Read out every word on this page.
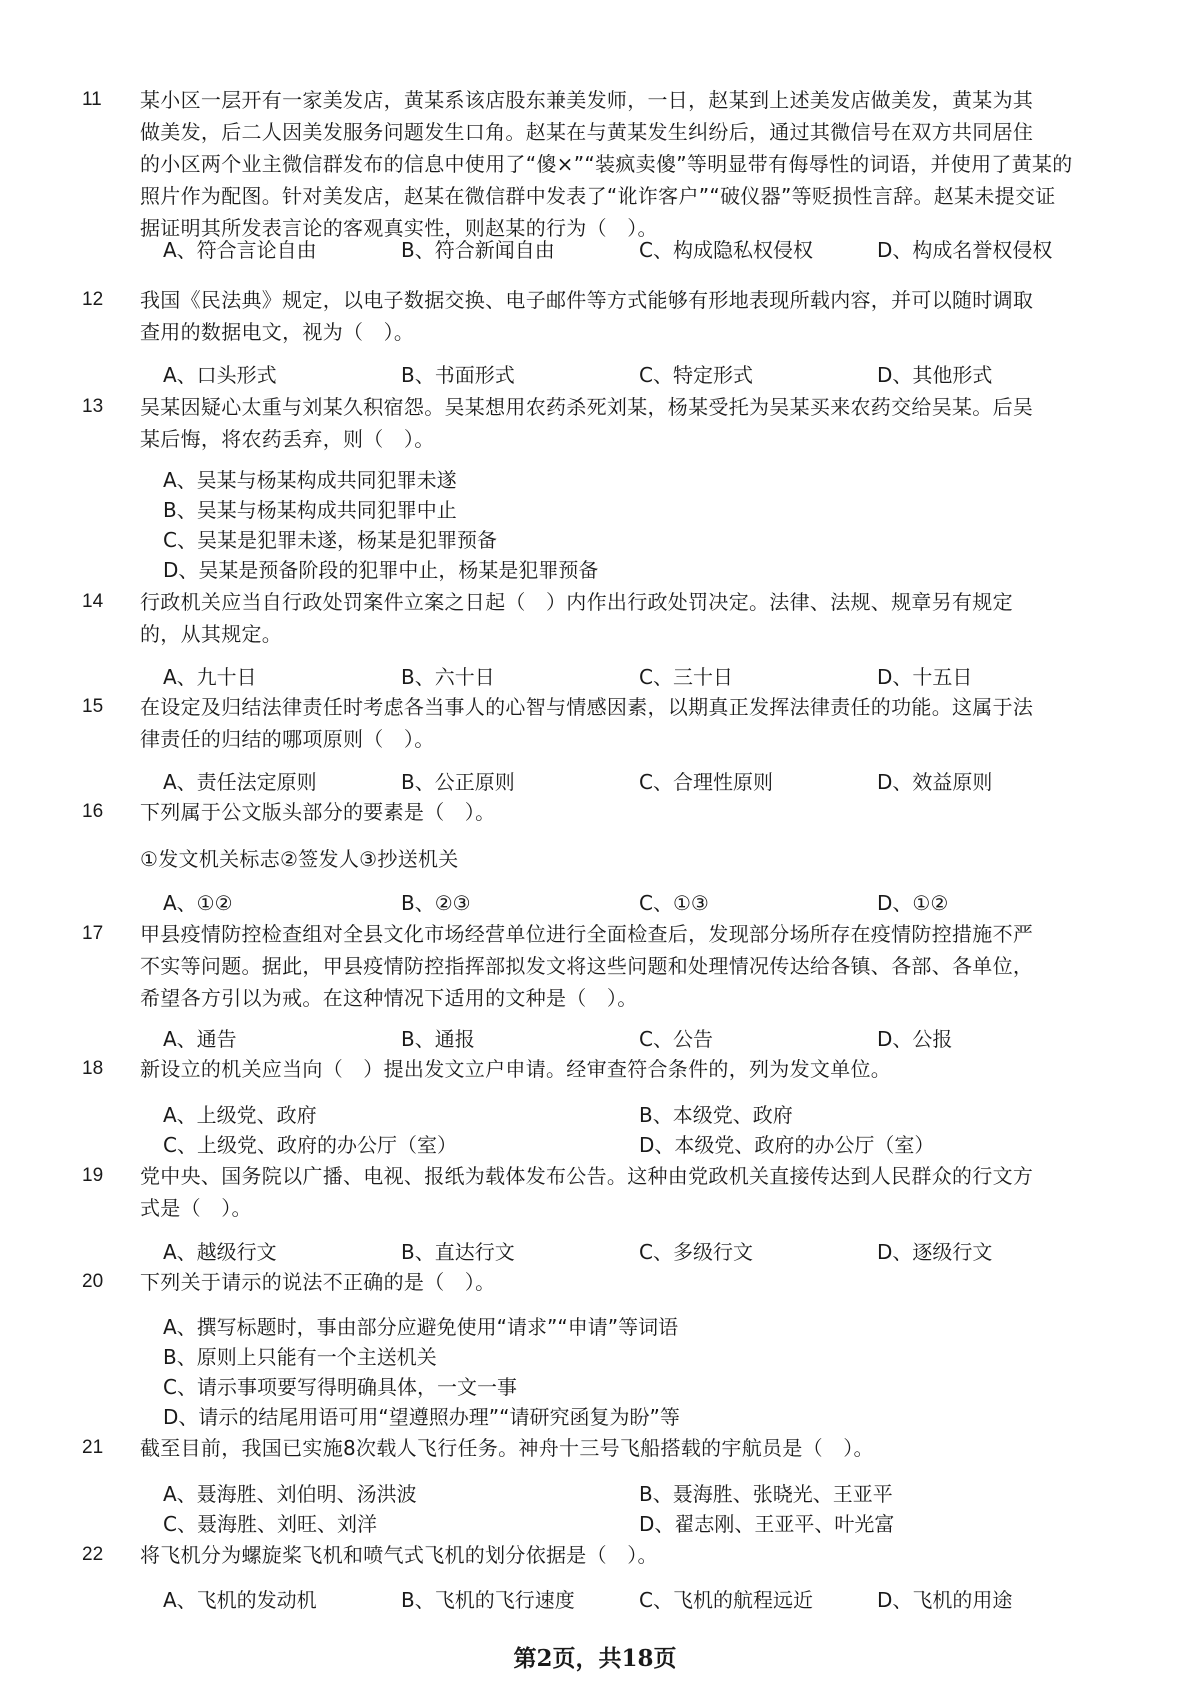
11 某小区一层开有一家美发店，黄某系该店股东兼美发师，一日，赵某到上述美发店做美发，黄某为其
做美发，后二人因美发服务问题发生口角。赵某在与黄某发生纠纷后，通过其微信号在双方共同居住
的小区两个业主微信群发布的信息中使用了“傻×”“装疯卖傻”等明显带有侮辱性的词语，并使用了黄某的
照片作为配图。针对美发店，赵某在微信群中发表了“讹诈客户”“破仪器”等贬损性言辞。赵某未提交证
据证明其所发表言论的客观真实性，则赵某的行为（　）。
A、符合言论自由	B、符合新闻自由	C、构成隐私权侵权	D、构成名誉权侵权
12 我国《民法典》规定，以电子数据交换、电子邮件等方式能够有形地表现所载内容，并可以随时调取
查用的数据电文，视为（　）。
A、口头形式	B、书面形式	C、特定形式	D、其他形式
13 吴某因疑心太重与刘某久积宿怨。吴某想用农药杀死刘某，杨某受托为吴某买来农药交给吴某。后吴
某后悔，将农药丢弃，则（　）。
A、吴某与杨某构成共同犯罪未遂
B、吴某与杨某构成共同犯罪中止
C、吴某是犯罪未遂，杨某是犯罪预备
D、吴某是预备阶段的犯罪中止，杨某是犯罪预备
14 行政机关应当自行政处罚案件立案之日起（　）内作出行政处罚决定。法律、法规、规章另有规定
的，从其规定。
A、九十日	B、六十日	C、三十日	D、十五日
15 在设定及归结法律责任时考虑各当事人的心智与情感因素，以期真正发挥法律责任的功能。这属于法
律责任的归结的哪项原则（　）。
A、责任法定原则	B、公正原则	C、合理性原则	D、效益原则
16 下列属于公文版头部分的要素是（　）。
①发文机关标志②签发人③抄送机关
A、①②	B、②③	C、①③	D、①②
17 甲县疫情防控检查组对全县文化市场经营单位进行全面检查后，发现部分场所存在疫情防控措施不严
不实等问题。据此，甲县疫情防控指挥部拟发文将这些问题和处理情况传达给各镇、各部、各单位，
希望各方引以为戒。在这种情况下适用的文种是（　）。
A、通告	B、通报	C、公告	D、公报
18 新设立的机关应当向（　）提出发文立户申请。经审查符合条件的，列为发文单位。
A、上级党、政府	B、本级党、政府
C、上级党、政府的办公厅（室）	D、本级党、政府的办公厅（室）
19 党中央、国务院以广播、电视、报纸为载体发布公告。这种由党政机关直接传达到人民群众的行文方
式是（　）。
A、越级行文	B、直达行文	C、多级行文	D、逐级行文
20 下列关于请示的说法不正确的是（　）。
A、撰写标题时，事由部分应避免使用“请求”“申请”等词语
B、原则上只能有一个主送机关
C、请示事项要写得明确具体，一文一事
D、请示的结尾用语可用“望遵照办理”“请研究函复为盼”等
21 截至目前，我国已实施8次载人飞行任务。神舟十三号飞船搭载的宇航员是（　）。
A、聂海胜、刘伯明、汤洪波	B、聂海胜、张晓光、王亚平
C、聂海胜、刘旺、刘洋	D、翟志刚、王亚平、叶光富
22 将飞机分为螺旋桨飞机和喷气式飞机的划分依据是（　）。
A、飞机的发动机	B、飞机的飞行速度	C、飞机的航程远近	D、飞机的用途
第2页，共18页
